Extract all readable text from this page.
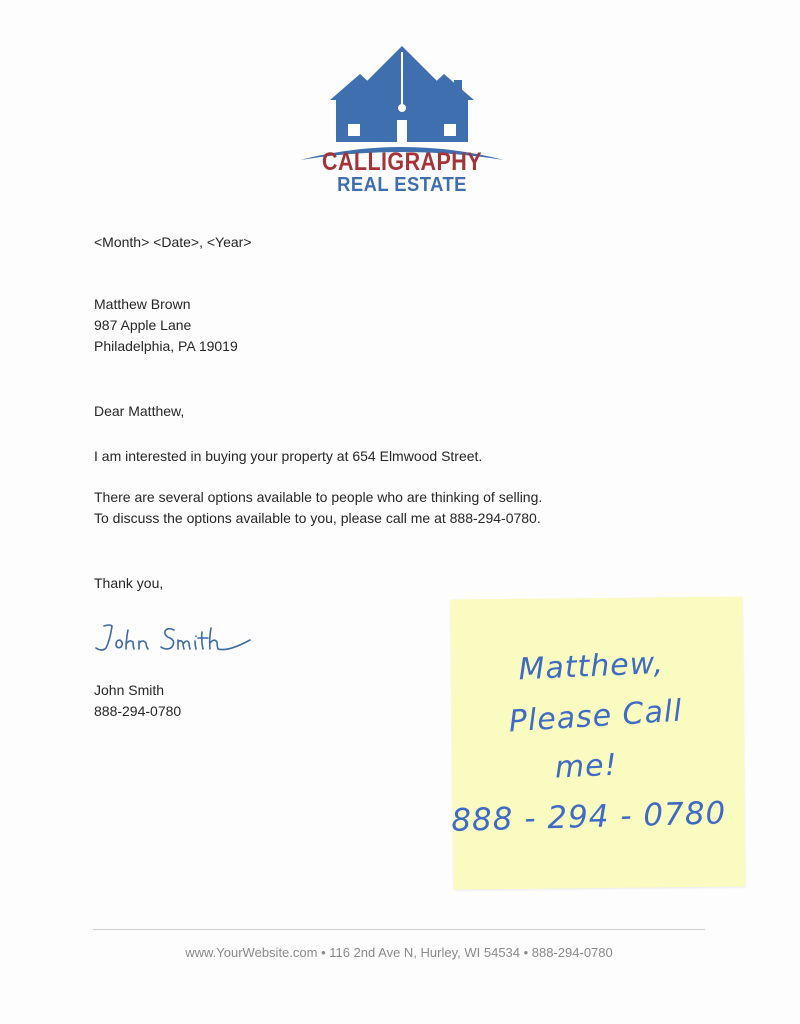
CALLIGRAPHY
REAL ESTATE
<Month> <Date>, <Year>
Matthew Brown
987 Apple Lane
Philadelphia, PA 19019
Dear Matthew,
I am interested in buying your property at 654 Elmwood Street.
There are several options available to people who are thinking of selling.
To discuss the options available to you, please call me at 888-294-0780.
Thank you,
John Smith
888-294-0780
Matthew,
Please Call
me!
888 - 294 - 0780
www.YourWebsite.com • 116 2nd Ave N, Hurley, WI 54534 • 888-294-0780
